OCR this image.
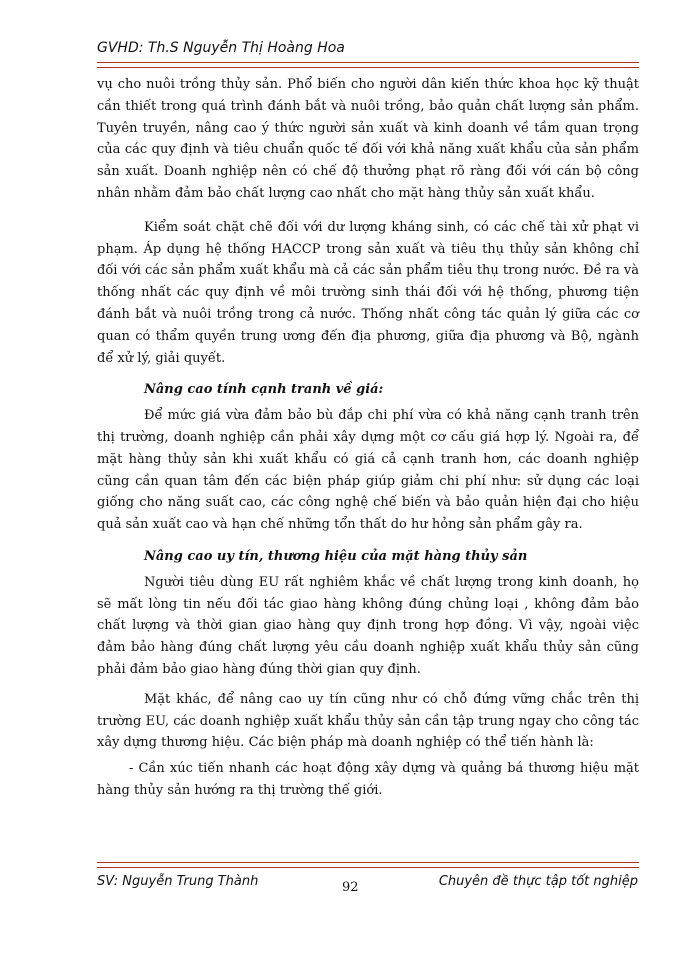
GVHD: Th.S Nguyễn Thị Hoàng Hoa

vụ cho nuôi trồng thủy sản. Phổ biến cho người dân kiến thức khoa học kỹ thuật cần thiết trong quá trình đánh bắt và nuôi trồng, bảo quản chất lượng sản phẩm. Tuyên truyền, nâng cao ý thức người sản xuất và kinh doanh về tầm quan trọng của các quy định và tiêu chuẩn quốc tế đối với khả năng xuất khẩu của sản phẩm sản xuất. Doanh nghiệp nên có chế độ thưởng phạt rõ ràng đối với cán bộ công nhân nhằm đảm bảo chất lượng cao nhất cho mặt hàng thủy sản xuất khẩu.

Kiểm soát chặt chẽ đối với dư lượng kháng sinh, có các chế tài xử phạt vi phạm. Áp dụng hệ thống HACCP trong sản xuất và tiêu thụ thủy sản không chỉ đối với các sản phẩm xuất khẩu mà cả các sản phẩm tiêu thụ trong nước. Đề ra và thống nhất các quy định về môi trường sinh thái đối với hệ thống, phương tiện đánh bắt và nuôi trồng trong cả nước. Thống nhất công tác quản lý giữa các cơ quan có thẩm quyền trung ương đến địa phương, giữa địa phương và Bộ, ngành để xử lý, giải quyết.

Nâng cao tính cạnh tranh về giá:

Để mức giá vừa đảm bảo bù đắp chi phí vừa có khả năng cạnh tranh trên thị trường, doanh nghiệp cần phải xây dựng một cơ cấu giá hợp lý. Ngoài ra, để mặt hàng thủy sản khi xuất khẩu có giá cả cạnh tranh hơn, các doanh nghiệp cũng cần quan tâm đến các biện pháp giúp giảm chi phí như: sử dụng các loại giống cho năng suất cao, các công nghệ chế biến và bảo quản hiện đại cho hiệu quả sản xuất cao và hạn chế những tổn thất do hư hỏng sản phẩm gây ra.

Nâng cao uy tín, thương hiệu của mặt hàng thủy sản

Người tiêu dùng EU rất nghiêm khắc về chất lượng trong kinh doanh, họ sẽ mất lòng tin nếu đối tác giao hàng không đúng chủng loại , không đảm bảo chất lượng và thời gian giao hàng quy định trong hợp đồng. Vì vậy, ngoài việc đảm bảo hàng đúng chất lượng yêu cầu doanh nghiệp xuất khẩu thủy sản cũng phải đảm bảo giao hàng đúng thời gian quy định.

Mặt khác, để nâng cao uy tín cũng như có chỗ đứng vững chắc trên thị trường EU, các doanh nghiệp xuất khẩu thủy sản cần tập trung ngay cho công tác xây dựng thương hiệu. Các biện pháp mà doanh nghiệp có thể tiến hành là:

- Cần xúc tiến nhanh các hoạt động xây dựng và quảng bá thương hiệu mặt hàng thủy sản hướng ra thị trường thế giới.

SV: Nguyễn Trung Thành	92	Chuyên đề thực tập tốt nghiệp
